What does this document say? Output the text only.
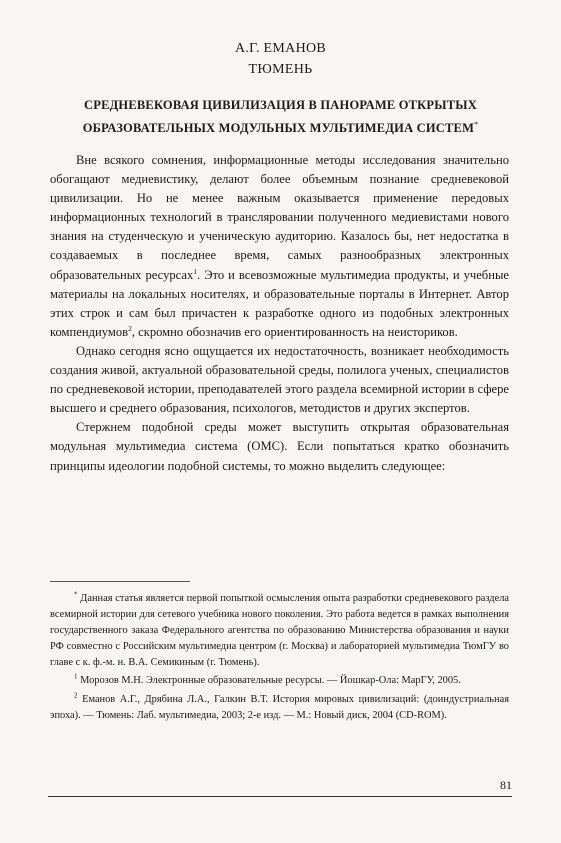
А.Г. ЕМАНОВ
ТЮМЕНЬ
СРЕДНЕВЕКОВАЯ ЦИВИЛИЗАЦИЯ В ПАНОРАМЕ ОТКРЫТЫХ
ОБРАЗОВАТЕЛЬНЫХ МОДУЛЬНЫХ МУЛЬТИМЕДИА СИСТЕМ*

Вне всякого сомнения, информационные методы исследования значительно обогащают медиевистику, делают более объемным познание средневековой цивилизации. Но не менее важным оказывается применение передовых информационных технологий в трансляровании полученного медиевистами нового знания на студенческую и ученическую аудиторию. Казалось бы, нет недостатка в создаваемых в последнее время, самых разнообразных электронных образовательных ресурсах$^1$. Это и всевозможные мультимедиа продукты, и учебные материалы на локальных носителях, и образовательные порталы в Интернет. Автор этих строк и сам был причастен к разработке одного из подобных электронных компендиумов$^2$, скромно обозначив его ориентированность на неисториков.

Однако сегодня ясно ощущается их недостаточность, возникает необходимость создания живой, актуальной образовательной среды, полилога ученых, специалистов по средневековой истории, преподавателей этого раздела всемирной истории в сфере высшего и среднего образования, психологов, методистов и других экспертов.

Стержнем подобной среды может выступить открытая образовательная модульная мультимедиа система (ОМС). Если попытаться кратко обозначить принципы идеологии подобной системы, то можно выделить следующее:

* Данная статья является первой попыткой осмысления опыта разработки средневекового раздела всемирной истории для сетевого учебника нового поколения. Это работа ведется в рамках выполнения государственного заказа Федерального агентства по образованию Министерства образования и науки РФ совместно с Российским мультимедиа центром (г. Москва) и лабораторией мультимедиа ТюмГУ во главе с к. ф.-м. н. В.А. Семикиным (г. Тюмень).

$^1$ Морозов М.Н. Электронные образовательные ресурсы. — Йошкар-Ола: МарГУ, 2005.

$^2$ Еманов А.Г., Дрябина Л.А., Галкин В.Т. История мировых цивилизаций: (доиндустриальная эпоха). — Тюмень: Лаб. мультимедиа, 2003; 2-е изд. — М.: Новый диск, 2004 (CD-ROM).

81
